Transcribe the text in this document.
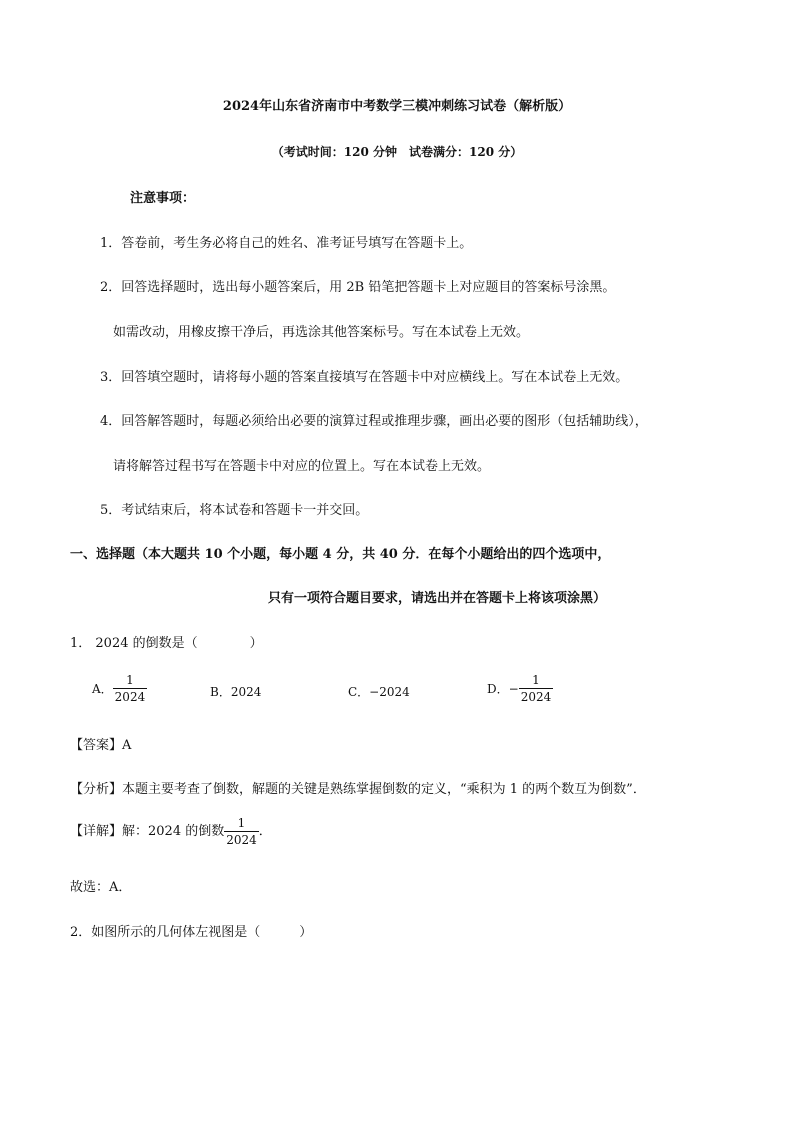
2024年山东省济南市中考数学三模冲刺练习试卷（解析版）
（考试时间：120 分钟　试卷满分：120 分）
注意事项：
1．答卷前，考生务必将自己的姓名、准考证号填写在答题卡上。
2．回答选择题时，选出每小题答案后，用 2B 铅笔把答题卡上对应题目的答案标号涂黑。
如需改动，用橡皮擦干净后，再选涂其他答案标号。写在本试卷上无效。
3．回答填空题时，请将每小题的答案直接填写在答题卡中对应横线上。写在本试卷上无效。
4．回答解答题时，每题必须给出必要的演算过程或推理步骤，画出必要的图形（包括辅助线），
请将解答过程书写在答题卡中对应的位置上。写在本试卷上无效。
5．考试结束后，将本试卷和答题卡一并交回。
一、选择题（本大题共 10 个小题，每小题 4 分，共 40 分．在每个小题给出的四个选项中，
只有一项符合题目要求，请选出并在答题卡上将该项涂黑）
1． 2024 的倒数是（　　　　）
A． $\frac{1}{2024}$	B．2024	C．−2024	D．− $\frac{1}{2024}$
【答案】A
【分析】本题主要考查了倒数，解题的关键是熟练掌握倒数的定义，“乘积为 1 的两个数互为倒数”．
【详解】解：2024 的倒数 $\frac{1}{2024}$ ．
故选：A．
2．如图所示的几何体左视图是（　　　）
